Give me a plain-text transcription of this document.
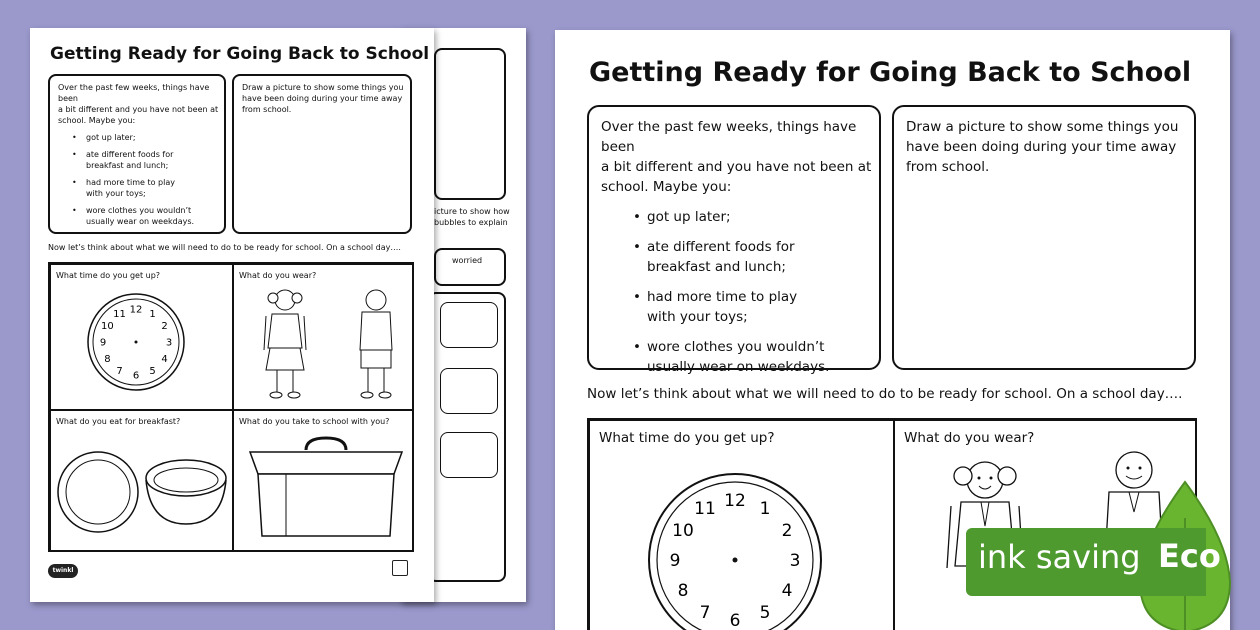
icture to show how
bubbles to explain
worried
Getting Ready for Going Back to School
Over the past few weeks, things have been
a bit different and you have not been at
school. Maybe you:
• got up later;
• ate different foods for
breakfast and lunch;
• had more time to play
with your toys;
• wore clothes you wouldn’t
usually wear on weekdays.
Draw a picture to show some things you
have been doing during your time away
from school.
Now let’s think about what we will need to do to be ready for school. On a school day….
What time do you get up?	What do you wear?
What do you eat for breakfast?	What do you take to school with you?
12 1
2
3
4
5
6
7
8
9
10
11
twinkl
Getting Ready for Going Back to School
Over the past few weeks, things have been
a bit different and you have not been at
school. Maybe you:
• got up later;
• ate different foods for
breakfast and lunch;
• had more time to play
with your toys;
• wore clothes you wouldn’t
usually wear on weekdays.
Draw a picture to show some things you
have been doing during your time away
from school.
Now let’s think about what we will need to do to be ready for school. On a school day….
What time do you get up?	What do you wear?
12 1
2
3
4
5
6
7
8
9
10
11
ink saving Eco
